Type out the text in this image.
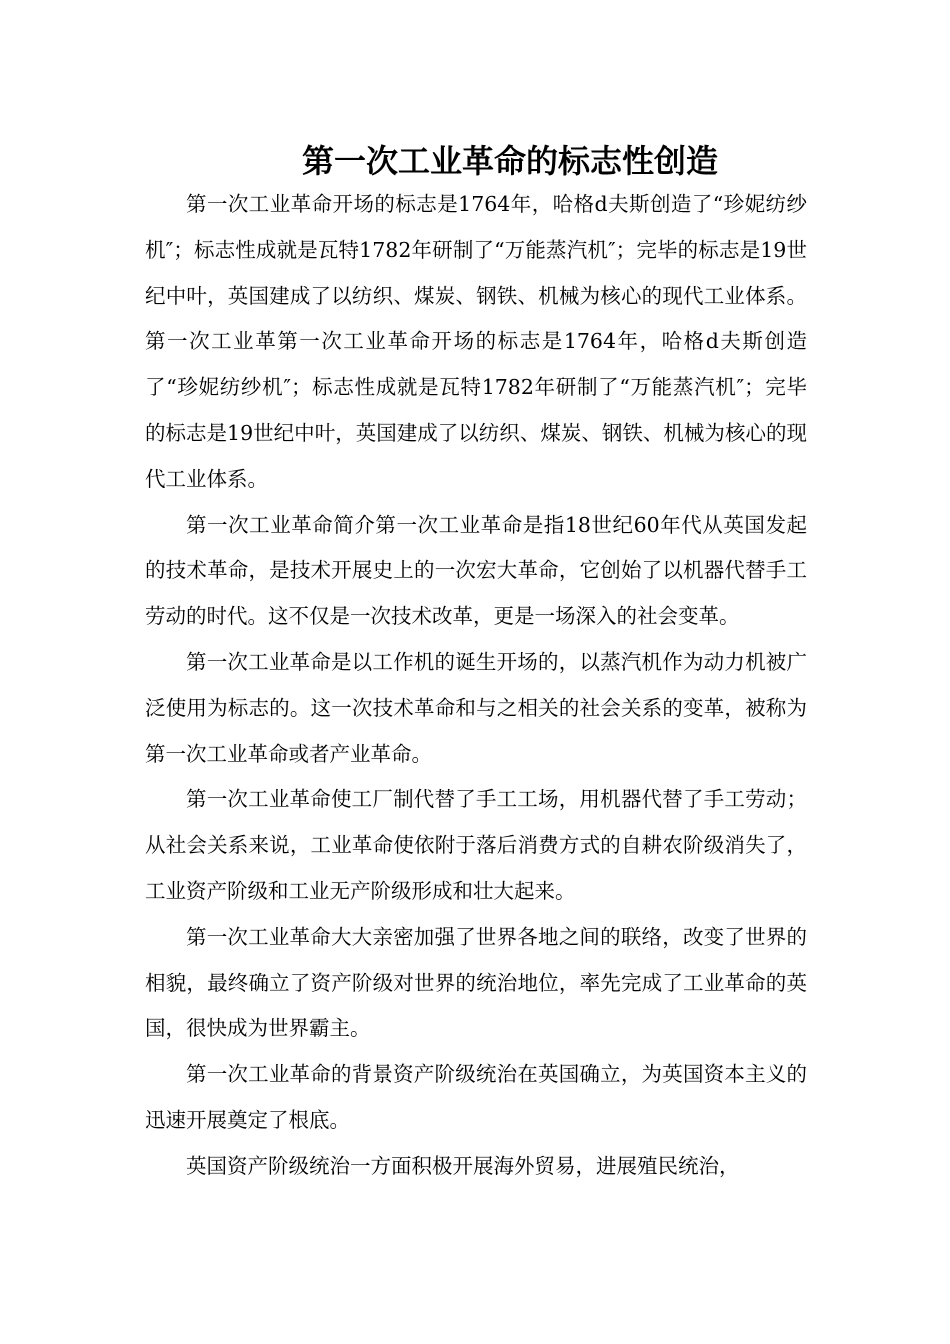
第一次工业革命的标志性创造

第一次工业革命开场的标志是1764年，哈格d夫斯创造了“珍妮纺纱机″；标志性成就是瓦特1782年研制了“万能蒸汽机″；完毕的标志是19世纪中叶，英国建成了以纺织、煤炭、钢铁、机械为核心的现代工业体系。第一次工业革第一次工业革命开场的标志是1764年，哈格d夫斯创造了“珍妮纺纱机″；标志性成就是瓦特1782年研制了“万能蒸汽机″；完毕的标志是19世纪中叶，英国建成了以纺织、煤炭、钢铁、机械为核心的现代工业体系。

第一次工业革命简介第一次工业革命是指18世纪60年代从英国发起的技术革命，是技术开展史上的一次宏大革命，它创始了以机器代替手工劳动的时代。这不仅是一次技术改革，更是一场深入的社会变革。

第一次工业革命是以工作机的诞生开场的，以蒸汽机作为动力机被广泛使用为标志的。这一次技术革命和与之相关的社会关系的变革，被称为第一次工业革命或者产业革命。

第一次工业革命使工厂制代替了手工工场，用机器代替了手工劳动；从社会关系来说，工业革命使依附于落后消费方式的自耕农阶级消失了，工业资产阶级和工业无产阶级形成和壮大起来。

第一次工业革命大大亲密加强了世界各地之间的联络，改变了世界的相貌，最终确立了资产阶级对世界的统治地位，率先完成了工业革命的英国，很快成为世界霸主。

第一次工业革命的背景资产阶级统治在英国确立，为英国资本主义的迅速开展奠定了根底。

英国资产阶级统治一方面积极开展海外贸易，进展殖民统治，
